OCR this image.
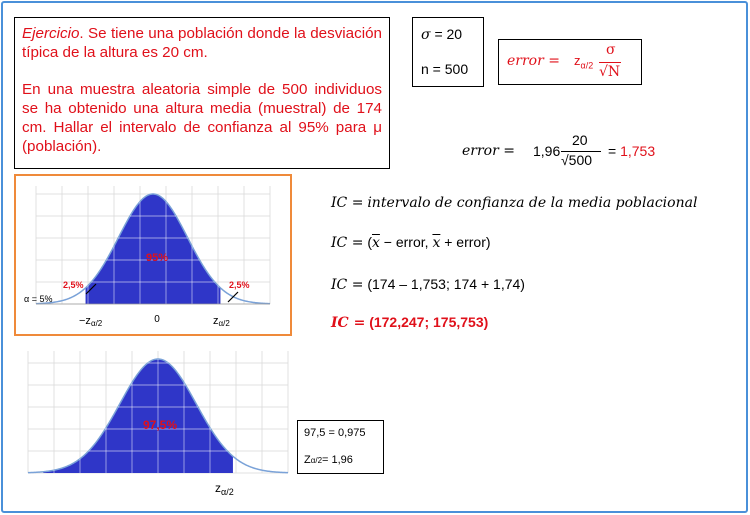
Ejercicio. Se tiene una población donde la desviación típica de la altura es 20 cm.

En una muestra aleatoria simple de 500 individuos se ha obtenido una altura media (muestral) de 174 cm. Hallar el intervalo de confianza al 95% para μ (población).

σ = 20
n = 500	error = $z_{\alpha/2}$
σ
√N
error = 1,96
20
√500
= 1,753
IC = intervalo de confianza de la media poblacional
IC = ($\overline{x}$ − error, $\overline{x}$ + error)
IC = (174 – 1,753; 174 + 1,74)
IC = (172,247; 175,753)
95%
2,5%	2,5%
α = 5%
−zα/2	0	zα/2
97,5%
$z_{\alpha/2}$
97,5 = 0,975
Zα/2= 1,96
